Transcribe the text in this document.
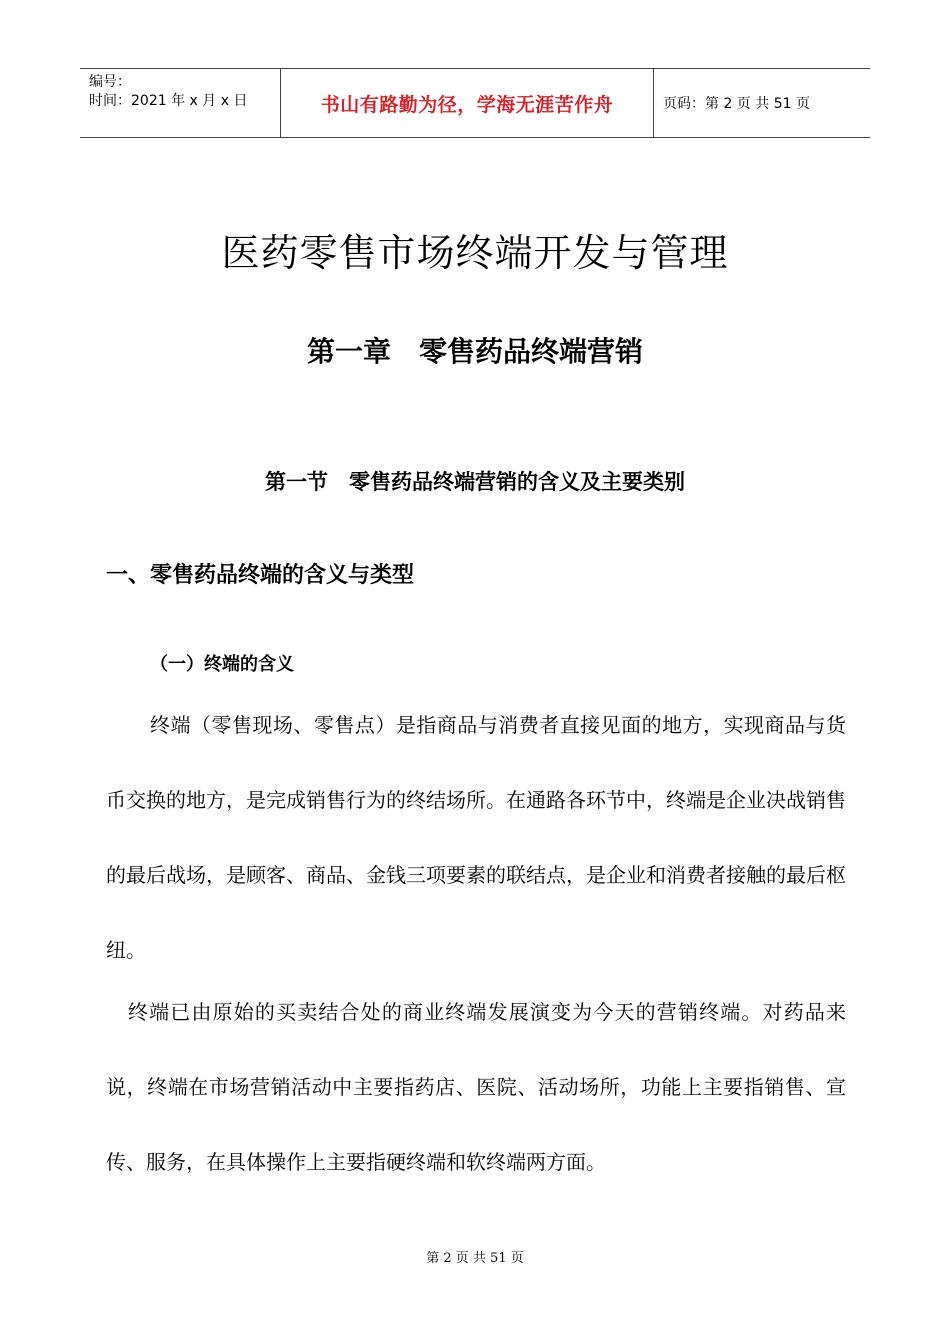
编号：
时间：2021 年 x 月 x 日	书山有路勤为径，学海无涯苦作舟	页码：第 2 页 共 51 页
医药零售市场终端开发与管理
第一章　零售药品终端营销
第一节　零售药品终端营销的含义及主要类别
一、零售药品终端的含义与类型
（一）终端的含义

终端（零售现场、零售点）是指商品与消费者直接见面的地方，实现商品与货币交换的地方，是完成销售行为的终结场所。在通路各环节中，终端是企业决战销售的最后战场，是顾客、商品、金钱三项要素的联结点，是企业和消费者接触的最后枢纽。

终端已由原始的买卖结合处的商业终端发展演变为今天的营销终端。对药品来说，终端在市场营销活动中主要指药店、医院、活动场所，功能上主要指销售、宣传、服务，在具体操作上主要指硬终端和软终端两方面。

第 2 页 共 51 页
